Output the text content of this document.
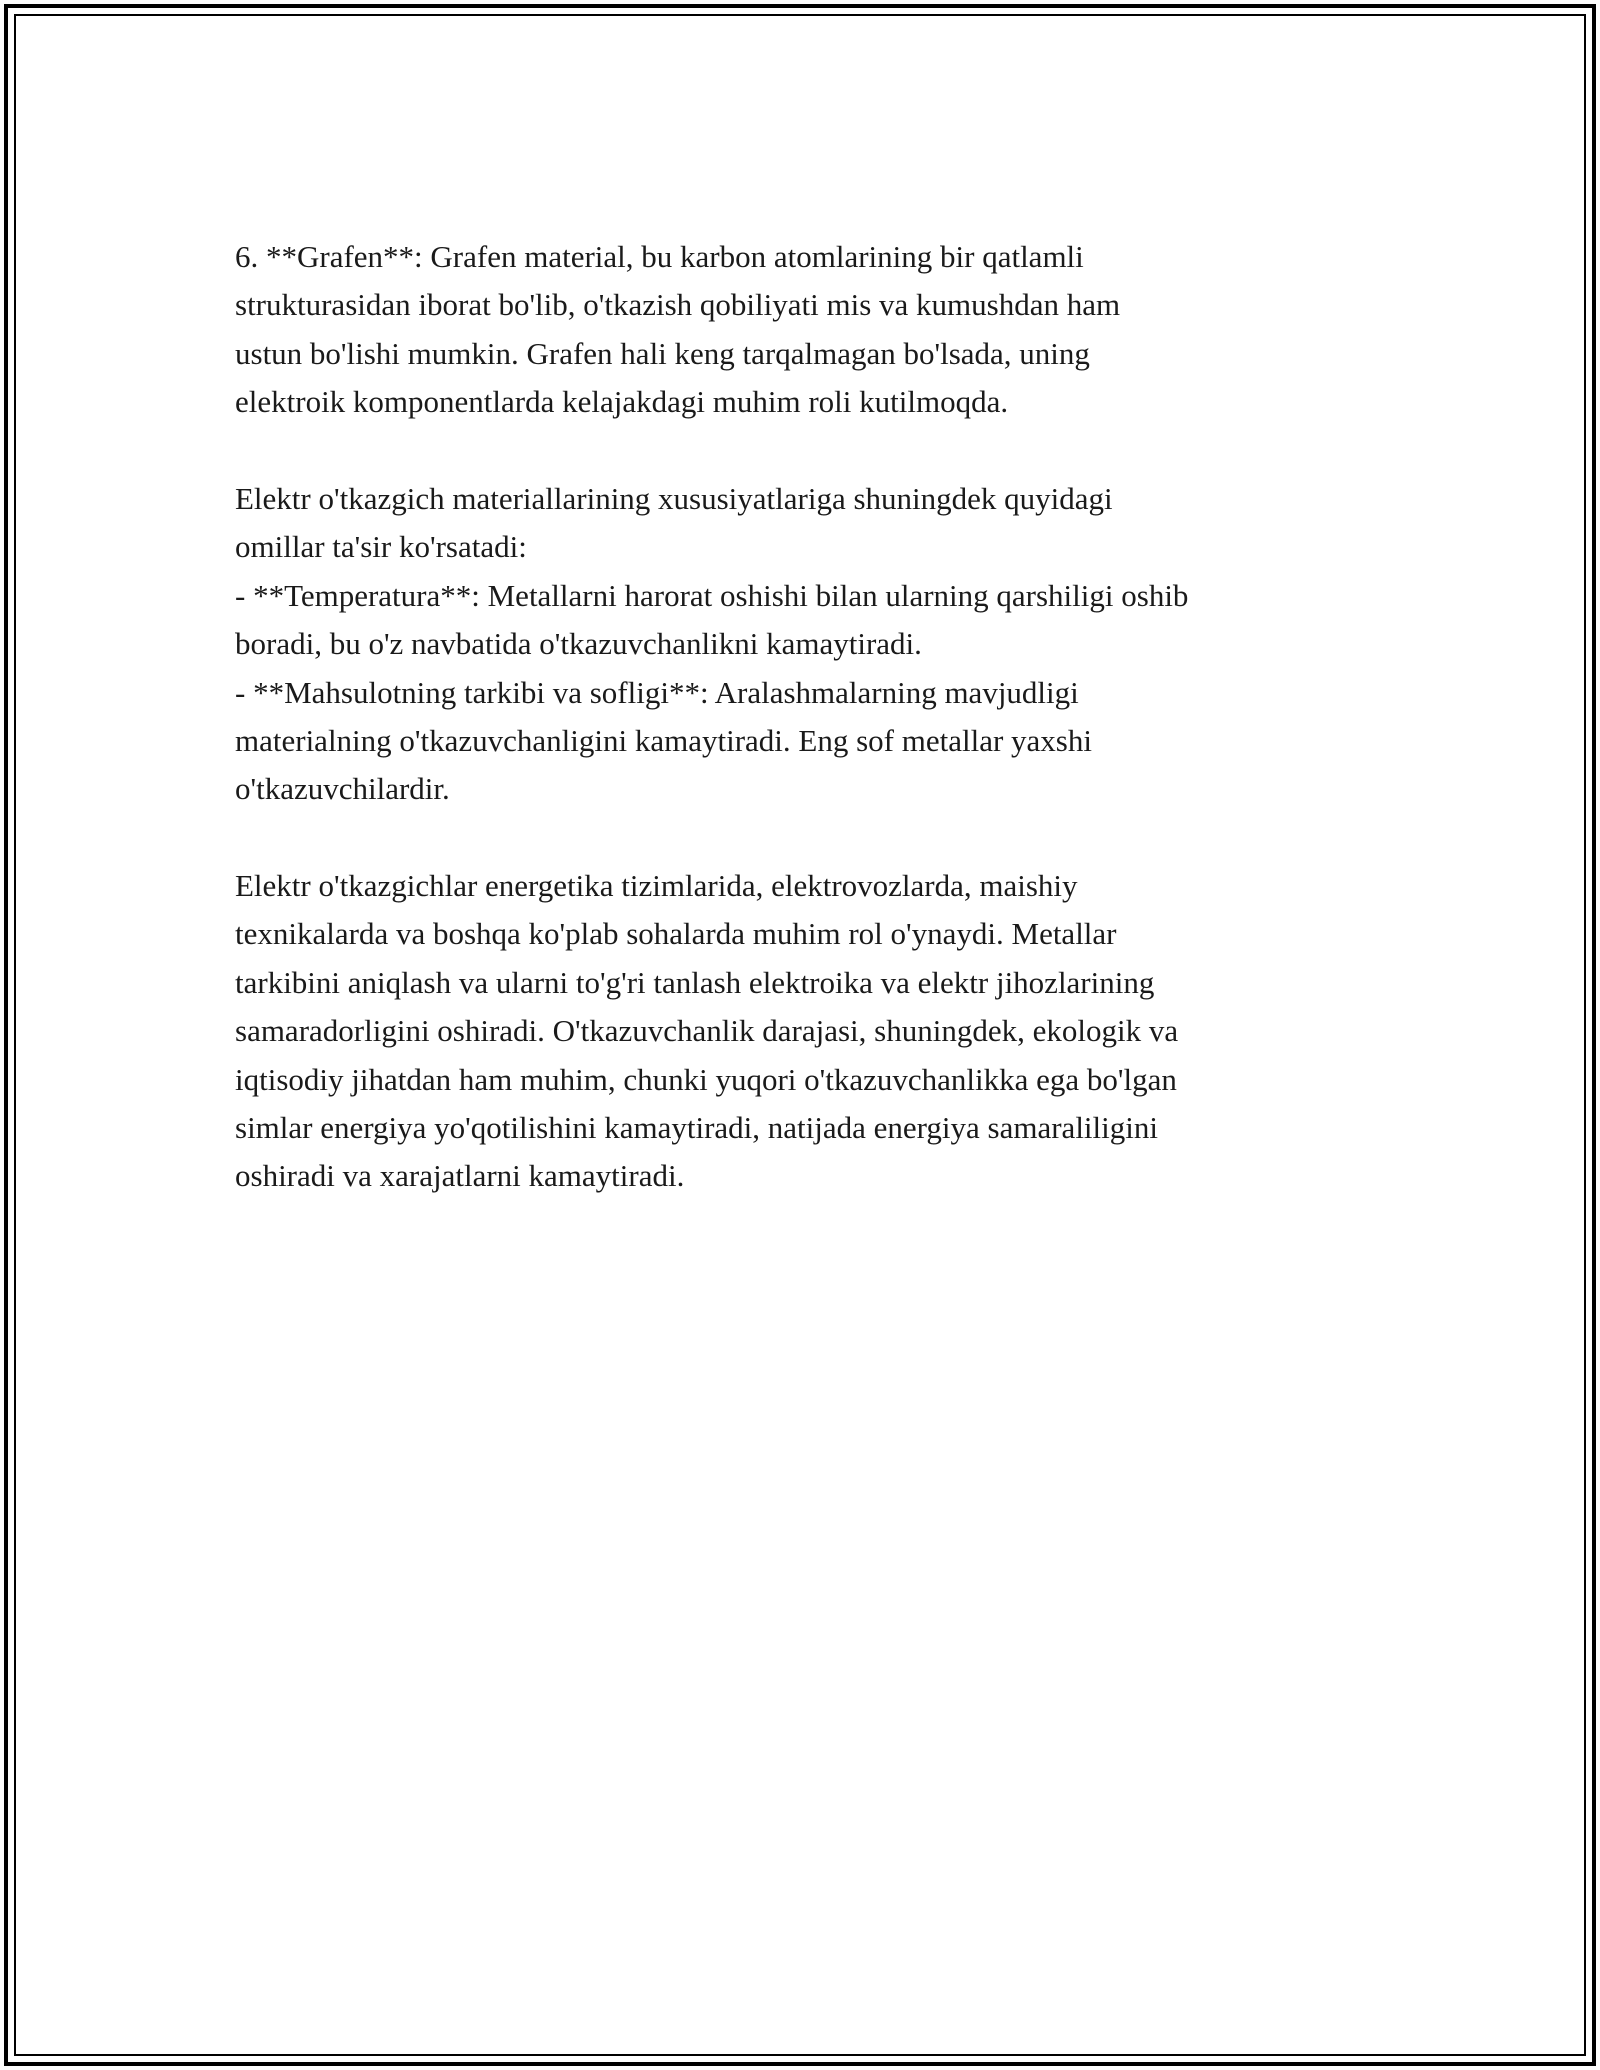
6. **Grafen**: Grafen material, bu karbon atomlarining bir qatlamli
strukturasidan iborat bo'lib, o'tkazish qobiliyati mis va kumushdan ham
ustun bo'lishi mumkin. Grafen hali keng tarqalmagan bo'lsada, uning
elektroik komponentlarda kelajakdagi muhim roli kutilmoqda.
Elektr o'tkazgich materiallarining xususiyatlariga shuningdek quyidagi
omillar ta'sir ko'rsatadi:
- **Temperatura**: Metallarni harorat oshishi bilan ularning qarshiligi oshib
boradi, bu o'z navbatida o'tkazuvchanlikni kamaytiradi.
- **Mahsulotning tarkibi va sofligi**: Aralashmalarning mavjudligi
materialning o'tkazuvchanligini kamaytiradi. Eng sof metallar yaxshi
o'tkazuvchilardir.
Elektr o'tkazgichlar energetika tizimlarida, elektrovozlarda, maishiy
texnikalarda va boshqa ko'plab sohalarda muhim rol o'ynaydi. Metallar
tarkibini aniqlash va ularni to'g'ri tanlash elektroika va elektr jihozlarining
samaradorligini oshiradi. O'tkazuvchanlik darajasi, shuningdek, ekologik va
iqtisodiy jihatdan ham muhim, chunki yuqori o'tkazuvchanlikka ega bo'lgan
simlar energiya yo'qotilishini kamaytiradi, natijada energiya samaraliligini
oshiradi va xarajatlarni kamaytiradi.
